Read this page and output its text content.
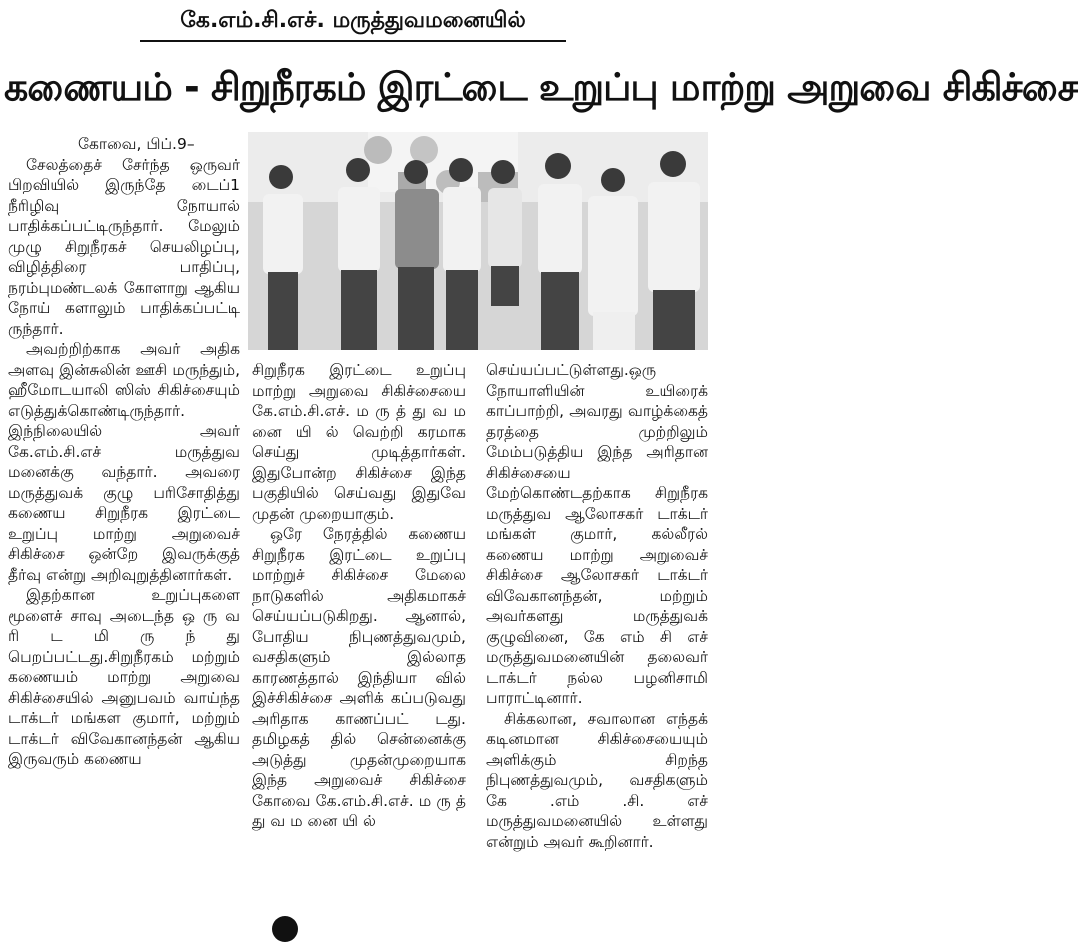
கே.எம்.சி.எச். மருத்துவமனையில்
கணையம் - சிறுநீரகம் இரட்டை உறுப்பு மாற்று அறுவை சிகிச்சை

கோவை, பிப்.9–

சேலத்தைச் சேர்ந்த ஒருவர் பிறவியில் இருந்தே டைப்1 நீரிழிவு நோயால் பாதிக்கப்பட்டிருந்தார். மேலும் முழு சிறுநீரகச் செயலிழப்பு, விழித்திரை பாதிப்பு, நரம்புமண்டலக் கோளாறு ஆகிய நோய் களாலும் பாதிக்கப்பட்டி ருந்தார்.

அவற்றிற்காக அவர் அதிக அளவு இன்சுலின் ஊசி மருந்தும், ஹீமோடயாலி ஸிஸ் சிகிச்சையும் எடுத்துக்கொண்டிருந்தார். இந்நிலையில் அவர் கே.எம்.சி.எச் மருத்துவ மனைக்கு வந்தார். அவரை மருத்துவக் குழு பரிசோதித்து கணைய சிறுநீரக இரட்டை உறுப்பு மாற்று அறுவைச் சிகிச்சை ஒன்றே இவருக்குத் தீர்வு என்று அறிவுறுத்தினார்கள்.

இதற்கான உறுப்புகளை மூளைச் சாவு அடைந்த ஒ ரு வ ரி ட மி ரு ந் து பெறப்பட்டது.சிறுநீரகம் மற்றும் கணையம் மாற்று அறுவை சிகிச்சையில் அனுபவம் வாய்ந்த டாக்டர் மங்கள குமார், மற்றும் டாக்டர் விவேகானந்தன் ஆகிய இருவரும் கணைய

சிறுநீரக இரட்டை உறுப்பு மாற்று அறுவை சிகிச்சையை கே.எம்.சி.எச். ம ரு த் து வ ம னை யி ல் வெற்றி கரமாக செய்து முடித்தார்கள். இதுபோன்ற சிகிச்சை இந்த பகுதியில் செய்வது இதுவே முதன் முறையாகும்.

ஒரே நேரத்தில் கணைய சிறுநீரக இரட்டை உறுப்பு மாற்றுச் சிகிச்சை மேலை நாடுகளில் அதிகமாகச் செய்யப்படுகிறது. ஆனால், போதிய நிபுணத்துவமும், வசதிகளும் இல்லாத காரணத்தால் இந்தியா வில் இச்சிகிச்சை அளிக் கப்படுவது அரிதாக காணப்பட் டது. தமிழகத் தில் சென்னைக்கு அடுத்து முதன்முறையாக இந்த அறுவைச் சிகிச்சை கோவை கே.எம்.சி.எச். ம ரு த் து வ ம னை யி ல்

செய்யப்பட்டுள்ளது.ஒரு நோயாளியின் உயிரைக் காப்பாற்றி, அவரது வாழ்க்கைத் தரத்தை முற்றிலும் மேம்படுத்திய இந்த அரிதான சிகிச்சையை மேற்கொண்டதற்காக சிறுநீரக மருத்துவ ஆலோசகர் டாக்டர் மங்கள் குமார், கல்லீரல் கணைய மாற்று அறுவைச் சிகிச்சை ஆலோசகர் டாக்டர் விவேகானந்தன், மற்றும் அவர்களது மருத்துவக் குழுவினை, கே எம் சி எச் மருத்துவமனையின் தலைவர் டாக்டர் நல்ல பழனிசாமி பாராட்டினார்.

சிக்கலான, சவாலான எந்தக் கடினமான சிகிச்சையையும் அளிக்கும் சிறந்த நிபுணத்துவமும், வசதிகளும் கே .எம் .சி. எச் மருத்துவமனையில் உள்ளது என்றும் அவர் கூறினார்.
